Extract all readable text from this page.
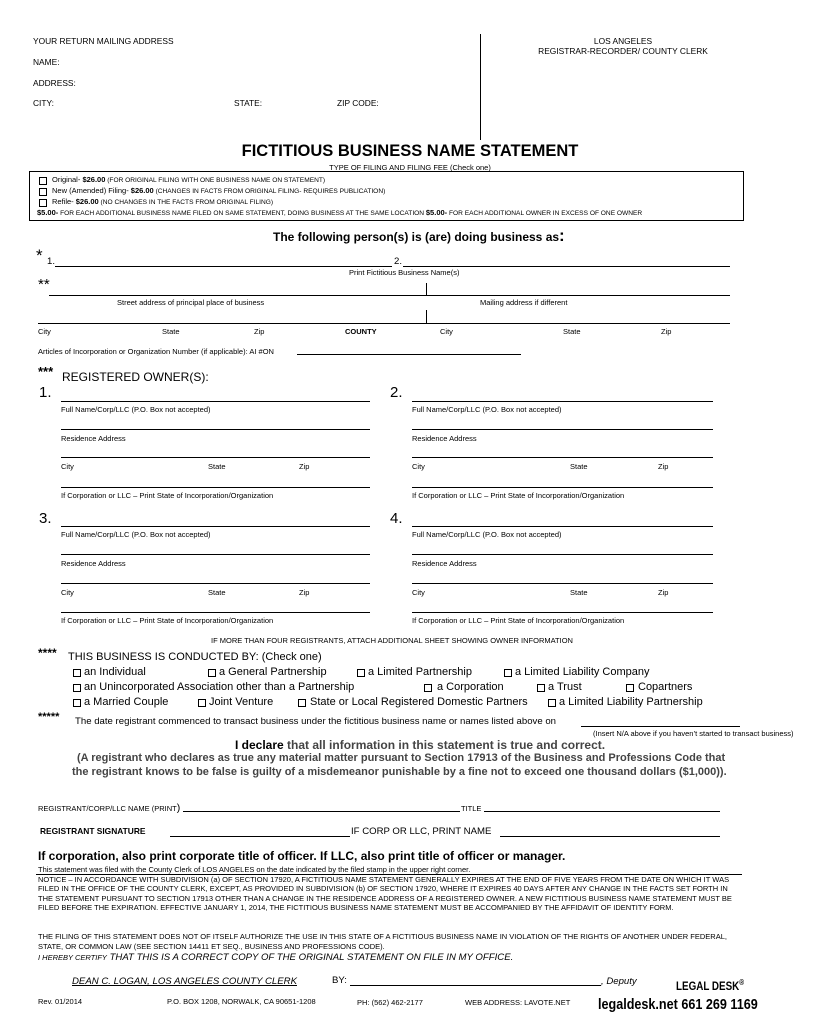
YOUR RETURN MAILING ADDRESS
NAME:
ADDRESS:
CITY:	STATE:	ZIP CODE:
LOS ANGELES
REGISTRAR-RECORDER/ COUNTY CLERK
FICTITIOUS BUSINESS NAME STATEMENT
TYPE OF FILING AND FILING FEE (Check one)
Original- $26.00 (FOR ORIGINAL FILING WITH ONE BUSINESS NAME ON STATEMENT)
New (Amended) Filing- $26.00 (CHANGES IN FACTS FROM ORIGINAL FILING- REQUIRES PUBLICATION)
Refile- $26.00 (NO CHANGES IN THE FACTS FROM ORIGINAL FILING)
$5.00- FOR EACH ADDITIONAL BUSINESS NAME FILED ON SAME STATEMENT, DOING BUSINESS AT THE SAME LOCATION $5.00- FOR EACH ADDITIONAL OWNER IN EXCESS OF ONE OWNER
The following person(s) is (are) doing business as:
* 1.	2.
Print Fictitious Business Name(s)
**
Street address of principal place of business	Mailing address if different
City	State	Zip	COUNTY	City	State	Zip
Articles of Incorporation or Organization Number (if applicable): AI #ON
*** REGISTERED OWNER(S):
1.
Full Name/Corp/LLC (P.O. Box not accepted)
Residence Address
City	State	Zip
If Corporation or LLC – Print State of Incorporation/Organization
2.
Full Name/Corp/LLC (P.O. Box not accepted)
Residence Address
City	State	Zip
If Corporation or LLC – Print State of Incorporation/Organization
3.
Full Name/Corp/LLC (P.O. Box not accepted)
Residence Address
City	State	Zip
If Corporation or LLC – Print State of Incorporation/Organization
4.
Full Name/Corp/LLC (P.O. Box not accepted)
Residence Address
City	State	Zip
If Corporation or LLC – Print State of Incorporation/Organization
IF MORE THAN FOUR REGISTRANTS, ATTACH ADDITIONAL SHEET SHOWING OWNER INFORMATION
**** THIS BUSINESS IS CONDUCTED BY: (Check one)
an Individual	a General Partnership	a Limited Partnership	a Limited Liability Company
an Unincorporated Association other than a Partnership	a Corporation	a Trust	Copartners
a Married Couple	Joint Venture	State or Local Registered Domestic Partners	a Limited Liability Partnership
***** The date registrant commenced to transact business under the fictitious business name or names listed above on
(Insert N/A above if you haven’t started to transact business)
I declare that all information in this statement is true and correct.
(A registrant who declares as true any material matter pursuant to Section 17913 of the Business and Professions Code that
the registrant knows to be false is guilty of a misdemeanor punishable by a fine not to exceed one thousand dollars ($1,000)).
REGISTRANT/CORP/LLC NAME (PRINT)	TITLE
REGISTRANT SIGNATURE	IF CORP OR LLC, PRINT NAME
If corporation, also print corporate title of officer. If LLC, also print title of officer or manager.
This statement was filed with the County Clerk of LOS ANGELES on the date indicated by the filed stamp in the upper right corner.
NOTICE – IN ACCORDANCE WITH SUBDIVISION (a) OF SECTION 17920, A FICTITIOUS NAME STATEMENT GENERALLY EXPIRES AT THE END OF FIVE YEARS FROM THE DATE ON WHICH IT WAS FILED IN THE OFFICE OF THE COUNTY CLERK, EXCEPT, AS PROVIDED IN SUBDIVISION (b) OF SECTION 17920, WHERE IT EXPIRES 40 DAYS AFTER ANY CHANGE IN THE FACTS SET FORTH IN THE STATEMENT PURSUANT TO SECTION 17913 OTHER THAN A CHANGE IN THE RESIDENCE ADDRESS OF A REGISTERED OWNER. A NEW FICTITIOUS BUSINESS NAME STATEMENT MUST BE FILED BEFORE THE EXPIRATION. EFFECTIVE JANUARY 1, 2014, THE FICTITIOUS BUSINESS NAME STATEMENT MUST BE ACCOMPANIED BY THE AFFIDAVIT OF IDENTITY FORM.
THE FILING OF THIS STATEMENT DOES NOT OF ITSELF AUTHORIZE THE USE IN THIS STATE OF A FICTITIOUS BUSINESS NAME IN VIOLATION OF THE RIGHTS OF ANOTHER UNDER FEDERAL, STATE, OR COMMON LAW (SEE SECTION 14411 ET SEQ., BUSINESS AND PROFESSIONS CODE).
I HEREBY CERTIFY THAT THIS IS A CORRECT COPY OF THE ORIGINAL STATEMENT ON FILE IN MY OFFICE.
DEAN C. LOGAN, LOS ANGELES COUNTY CLERK	BY:	, Deputy
Rev. 01/2014	P.O. BOX 1208, NORWALK, CA 90651-1208	PH: (562) 462-2177	WEB ADDRESS: LAVOTE.NET
LEGAL DESK®
legaldesk.net 661 269 1169
